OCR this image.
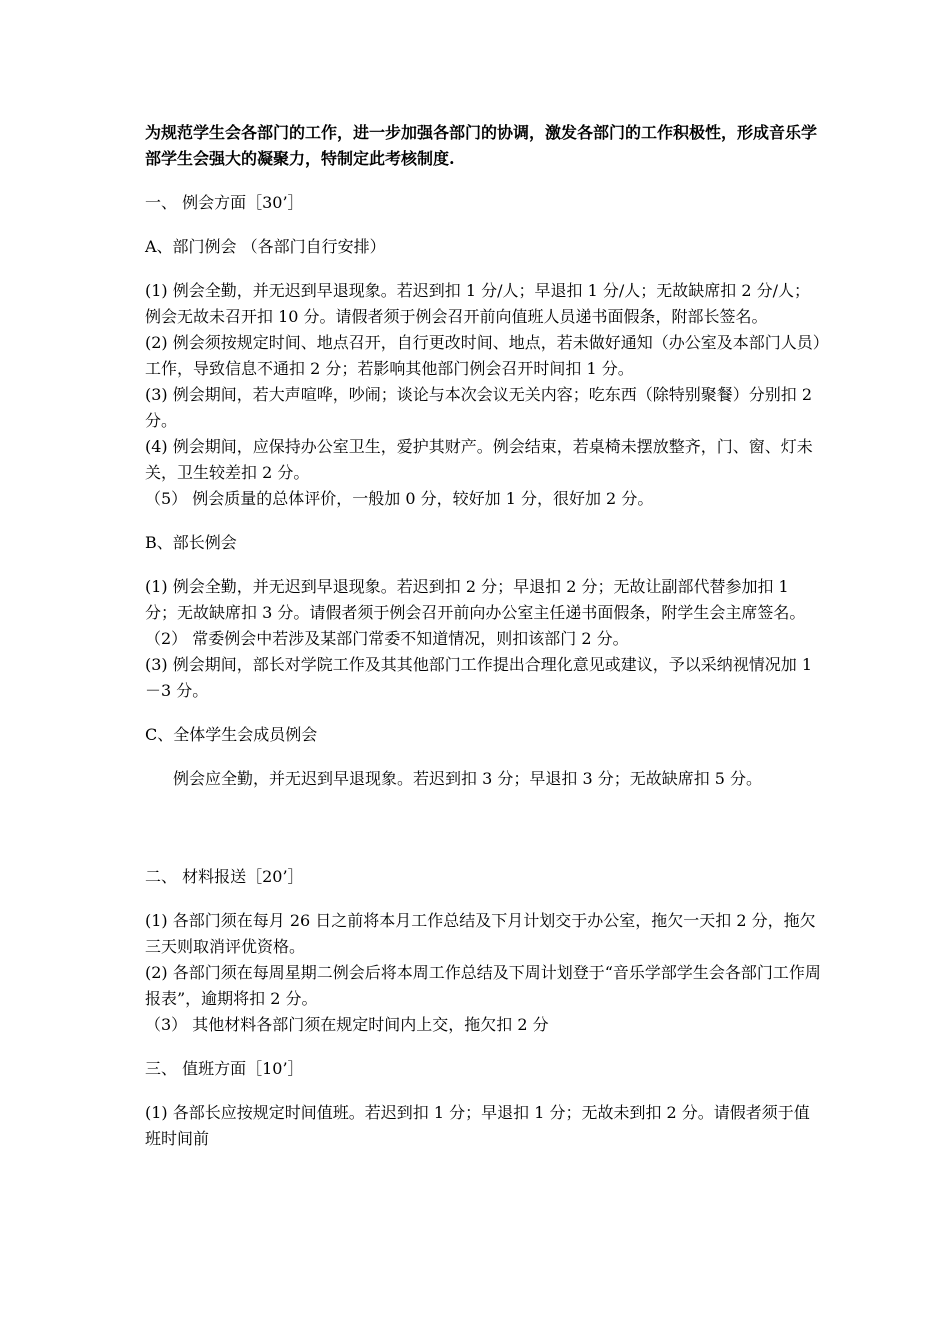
为规范学生会各部门的工作，进一步加强各部门的协调，激发各部门的工作积极性，形成音乐学部学生会强大的凝聚力，特制定此考核制度.

一、 例会方面［30’］

A、部门例会 （各部门自行安排）

(1) 例会全勤，并无迟到早退现象。若迟到扣 1 分/人；早退扣 1 分/人；无故缺席扣 2 分/人；例会无故未召开扣 10 分。请假者须于例会召开前向值班人员递书面假条，附部长签名。

(2) 例会须按规定时间、地点召开，自行更改时间、地点，若未做好通知（办公室及本部门人员）工作，导致信息不通扣 2 分；若影响其他部门例会召开时间扣 1 分。

(3) 例会期间，若大声喧哗，吵闹；谈论与本次会议无关内容；吃东西（除特别聚餐）分别扣 2 分。

(4) 例会期间，应保持办公室卫生，爱护其财产。例会结束，若桌椅未摆放整齐，门、窗、灯未关，卫生较差扣 2 分。

（5） 例会质量的总体评价，一般加 0 分，较好加 1 分，很好加 2 分。

B、部长例会

(1) 例会全勤，并无迟到早退现象。若迟到扣 2 分；早退扣 2 分；无故让副部代替参加扣 1 分；无故缺席扣 3 分。请假者须于例会召开前向办公室主任递书面假条，附学生会主席签名。

（2） 常委例会中若涉及某部门常委不知道情况，则扣该部门 2 分。

(3) 例会期间，部长对学院工作及其其他部门工作提出合理化意见或建议，予以采纳视情况加 1－3 分。

C、全体学生会成员例会

例会应全勤，并无迟到早退现象。若迟到扣 3 分；早退扣 3 分；无故缺席扣 5 分。

二、 材料报送［20’］

(1) 各部门须在每月 26 日之前将本月工作总结及下月计划交于办公室，拖欠一天扣 2 分，拖欠三天则取消评优资格。

(2) 各部门须在每周星期二例会后将本周工作总结及下周计划登于“音乐学部学生会各部门工作周报表”，逾期将扣 2 分。

（3） 其他材料各部门须在规定时间内上交，拖欠扣 2 分

三、 值班方面［10’］

(1) 各部长应按规定时间值班。若迟到扣 1 分；早退扣 1 分；无故未到扣 2 分。请假者须于值班时间前
